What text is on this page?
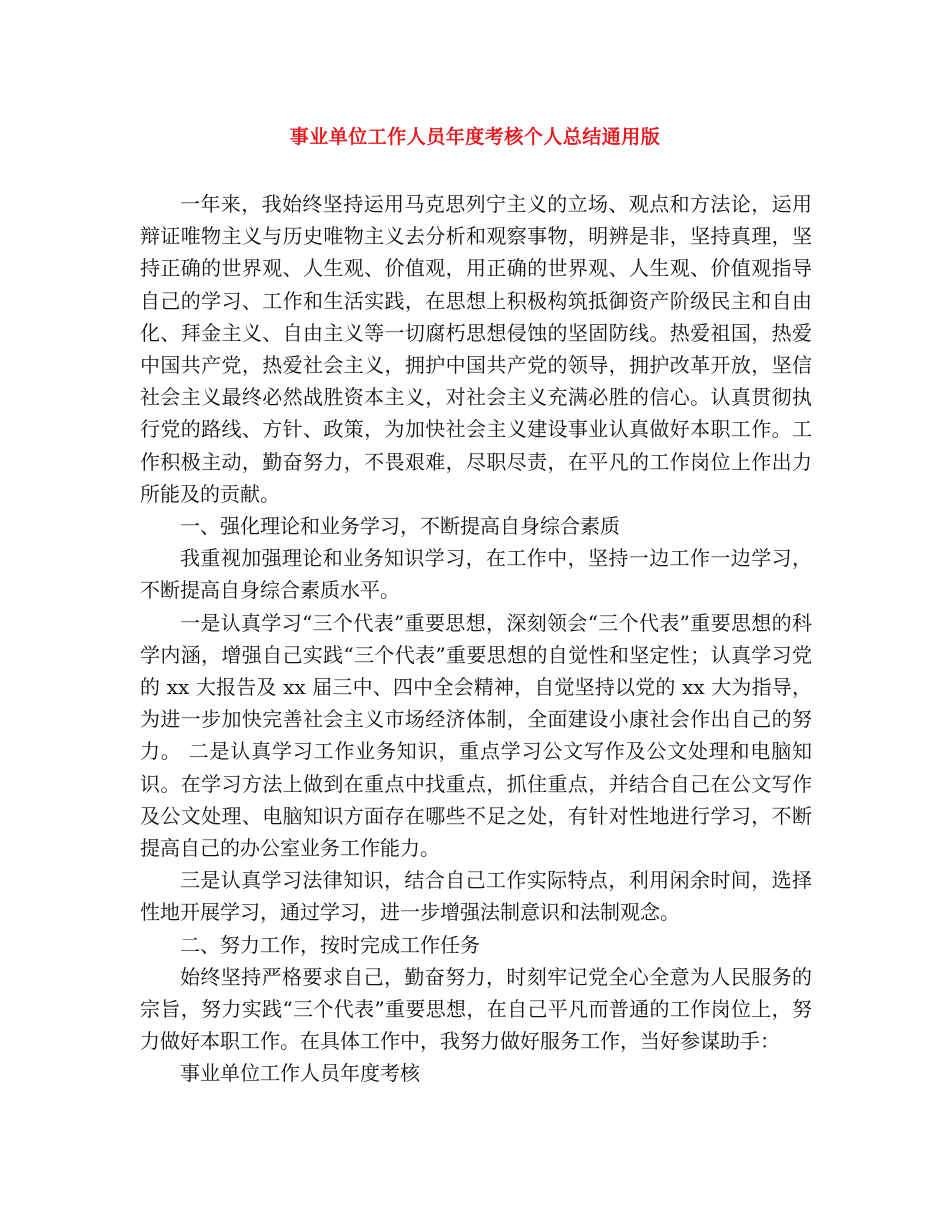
事业单位工作人员年度考核个人总结通用版

一年来，我始终坚持运用马克思列宁主义的立场、观点和方法论，运用辩证唯物主义与历史唯物主义去分析和观察事物，明辨是非，坚持真理，坚持正确的世界观、人生观、价值观，用正确的世界观、人生观、价值观指导自己的学习、工作和生活实践，在思想上积极构筑抵御资产阶级民主和自由化、拜金主义、自由主义等一切腐朽思想侵蚀的坚固防线。热爱祖国，热爱中国共产党，热爱社会主义，拥护中国共产党的领导，拥护改革开放，坚信社会主义最终必然战胜资本主义，对社会主义充满必胜的信心。认真贯彻执行党的路线、方针、政策，为加快社会主义建设事业认真做好本职工作。工作积极主动，勤奋努力，不畏艰难，尽职尽责，在平凡的工作岗位上作出力所能及的贡献。

一、强化理论和业务学习，不断提高自身综合素质

我重视加强理论和业务知识学习，在工作中，坚持一边工作一边学习，不断提高自身综合素质水平。

一是认真学习“三个代表”重要思想，深刻领会“三个代表”重要思想的科学内涵，增强自己实践“三个代表”重要思想的自觉性和坚定性；认真学习党的 xx 大报告及 xx 届三中、四中全会精神，自觉坚持以党的 xx 大为指导，为进一步加快完善社会主义市场经济体制，全面建设小康社会作出自己的努力。 二是认真学习工作业务知识，重点学习公文写作及公文处理和电脑知识。在学习方法上做到在重点中找重点，抓住重点，并结合自己在公文写作及公文处理、电脑知识方面存在哪些不足之处，有针对性地进行学习，不断提高自己的办公室业务工作能力。

三是认真学习法律知识，结合自己工作实际特点，利用闲余时间，选择性地开展学习，通过学习，进一步增强法制意识和法制观念。

二、努力工作，按时完成工作任务

始终坚持严格要求自己，勤奋努力，时刻牢记党全心全意为人民服务的宗旨，努力实践“三个代表”重要思想，在自己平凡而普通的工作岗位上，努力做好本职工作。在具体工作中，我努力做好服务工作，当好参谋助手：

事业单位工作人员年度考核
